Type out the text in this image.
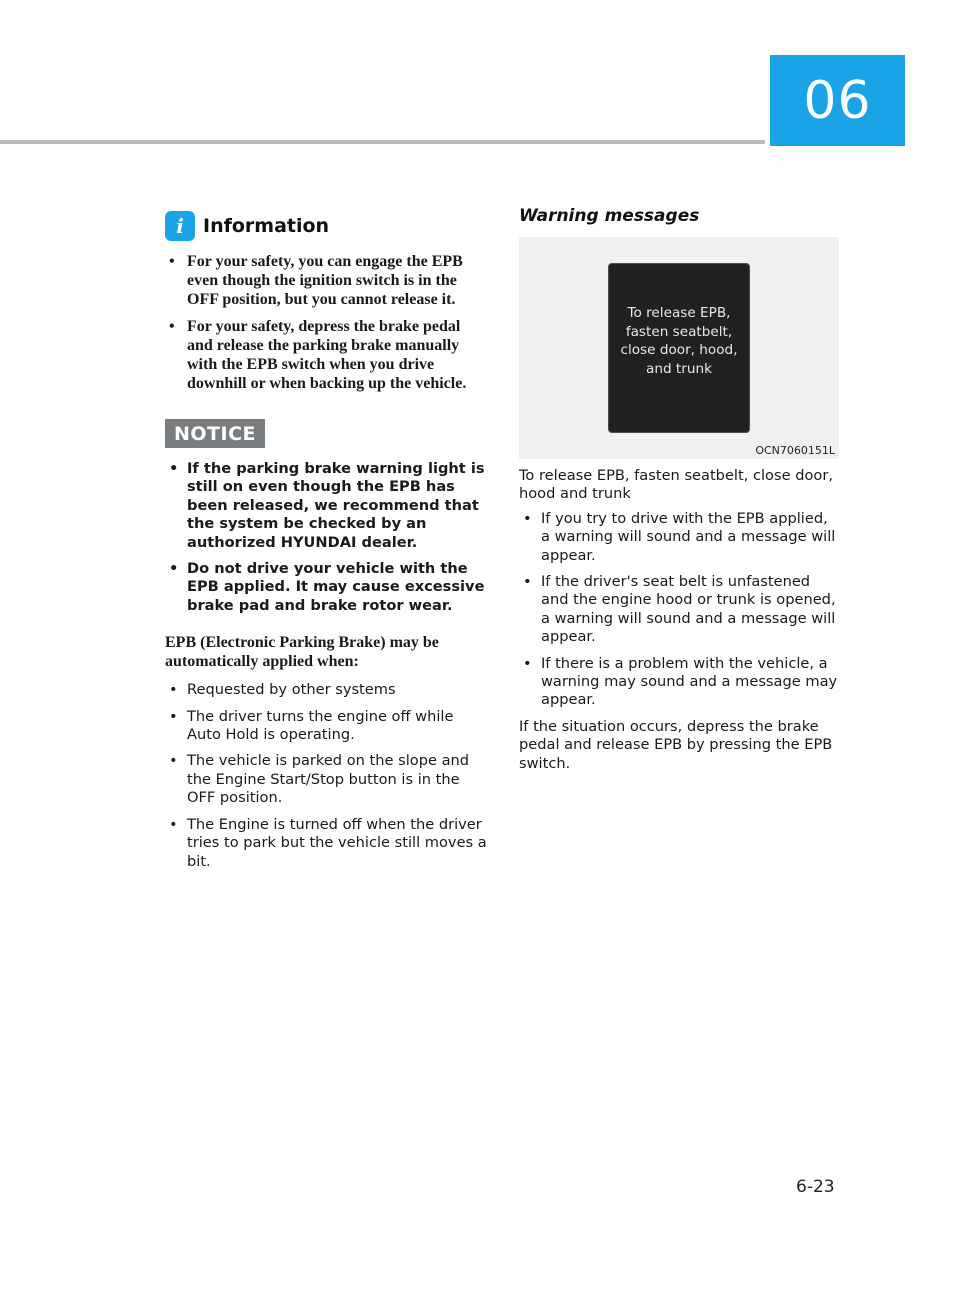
06
i	Information
• For your safety, you can engage the EPB even though the ignition switch is in the OFF position, but you cannot release it.
• For your safety, depress the brake pedal and release the parking brake manually with the EPB switch when you drive downhill or when backing up the vehicle.
NOTICE
• If the parking brake warning light is still on even though the EPB has been released, we recommend that the system be checked by an authorized HYUNDAI dealer.
• Do not drive your vehicle with the EPB applied. It may cause excessive brake pad and brake rotor wear.
EPB (Electronic Parking Brake) may be automatically applied when:
• Requested by other systems
• The driver turns the engine off while Auto Hold is operating.
• The vehicle is parked on the slope and the Engine Start/Stop button is in the OFF position.
• The Engine is turned off when the driver tries to park but the vehicle still moves a bit.
Warning messages
To release EPB,
fasten seatbelt,
close door, hood,
and trunk
OCN7060151L
To release EPB, fasten seatbelt, close door, hood and trunk
• If you try to drive with the EPB applied, a warning will sound and a message will appear.
• If the driver's seat belt is unfastened and the engine hood or trunk is opened, a warning will sound and a message will appear.
• If there is a problem with the vehicle, a warning may sound and a message may appear.
If the situation occurs, depress the brake pedal and release EPB by pressing the EPB switch.
6-23
